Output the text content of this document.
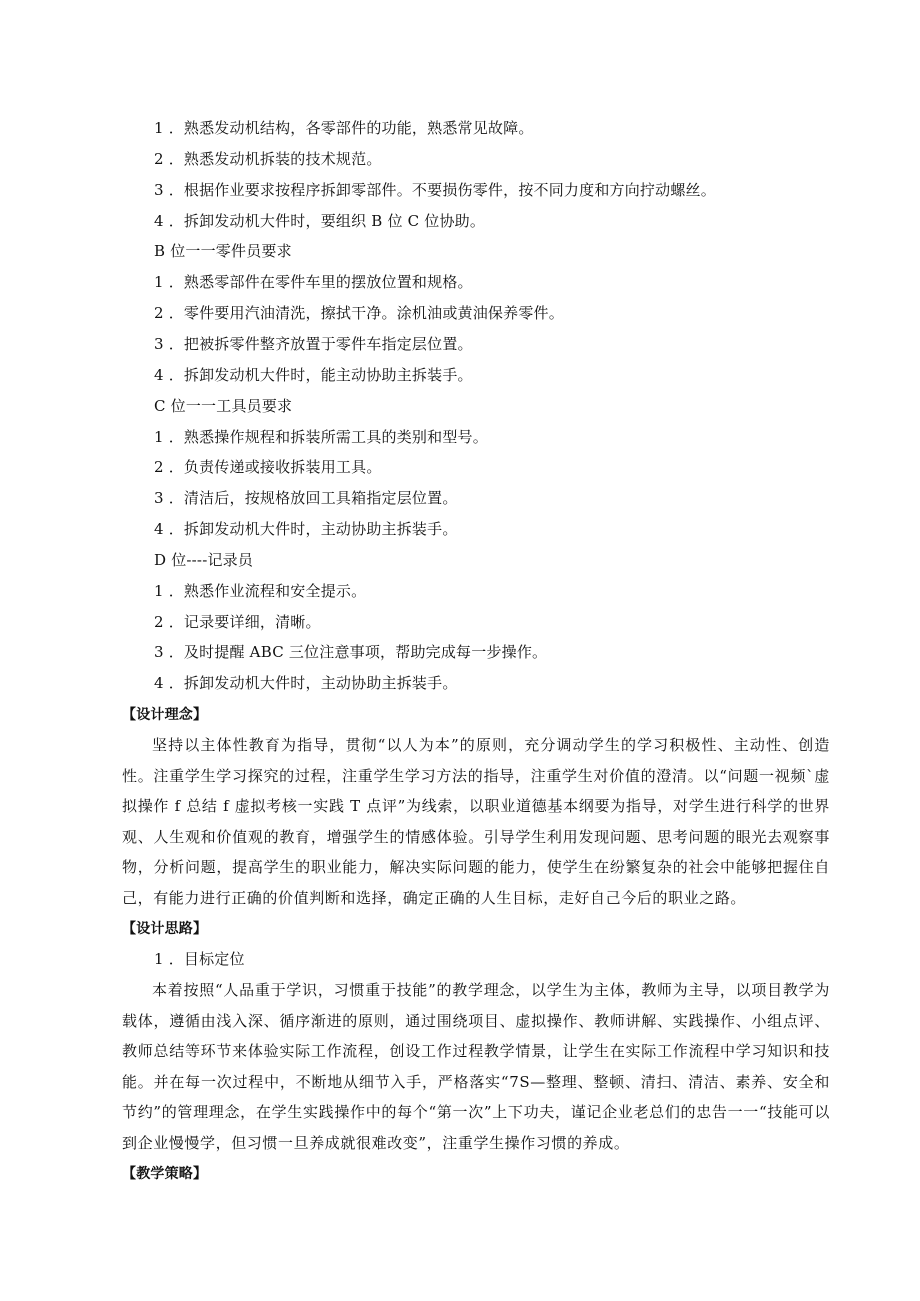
1 ．熟悉发动机结构，各零部件的功能，熟悉常见故障。
2 ．熟悉发动机拆装的技术规范。
3 ．根据作业要求按程序拆卸零部件。不要损伤零件，按不同力度和方向拧动螺丝。
4 ．拆卸发动机大件时，要组织 B 位 C 位协助。
B 位一一零件员要求
1 ．熟悉零部件在零件车里的摆放位置和规格。
2 ．零件要用汽油清洗，擦拭干净。涂机油或黄油保养零件。
3 ．把被拆零件整齐放置于零件车指定层位置。
4 ．拆卸发动机大件时，能主动协助主拆装手。
C 位一一工具员要求
1 ．熟悉操作规程和拆装所需工具的类别和型号。
2 ．负责传递或接收拆装用工具。
3 ．清洁后，按规格放回工具箱指定层位置。
4 ．拆卸发动机大件时，主动协助主拆装手。
D 位----记录员
1 ．熟悉作业流程和安全提示。
2 ．记录要详细，清晰。
3 ．及时提醒 ABC 三位注意事项，帮助完成每一步操作。
4 ．拆卸发动机大件时，主动协助主拆装手。
【设计理念】
坚持以主体性教育为指导，贯彻“以人为本”的原则，充分调动学生的学习积极性、主动性、创造性。注重学生学习探究的过程，注重学生学习方法的指导，注重学生对价值的澄清。以“问题一视频`虚拟操作 f 总结 f 虚拟考核一实践 T 点评”为线索，以职业道德基本纲要为指导，对学生进行科学的世界观、人生观和价值观的教育，增强学生的情感体验。引导学生利用发现问题、思考问题的眼光去观察事物，分析问题，提高学生的职业能力，解决实际问题的能力，使学生在纷繁复杂的社会中能够把握住自己，有能力进行正确的价值判断和选择，确定正确的人生目标，走好自己今后的职业之路。
【设计思路】
1 ．目标定位
本着按照“人品重于学识，习惯重于技能”的教学理念，以学生为主体，教师为主导，以项目教学为载体，遵循由浅入深、循序渐进的原则，通过围绕项目、虚拟操作、教师讲解、实践操作、小组点评、教师总结等环节来体验实际工作流程，创设工作过程教学情景，让学生在实际工作流程中学习知识和技能。并在每一次过程中，不断地从细节入手，严格落实“7S—整理、整顿、清扫、清洁、素养、安全和节约”的管理理念，在学生实践操作中的每个“第一次”上下功夫，谨记企业老总们的忠告一一“技能可以到企业慢慢学，但习惯一旦养成就很难改变”，注重学生操作习惯的养成。
【教学策略】
